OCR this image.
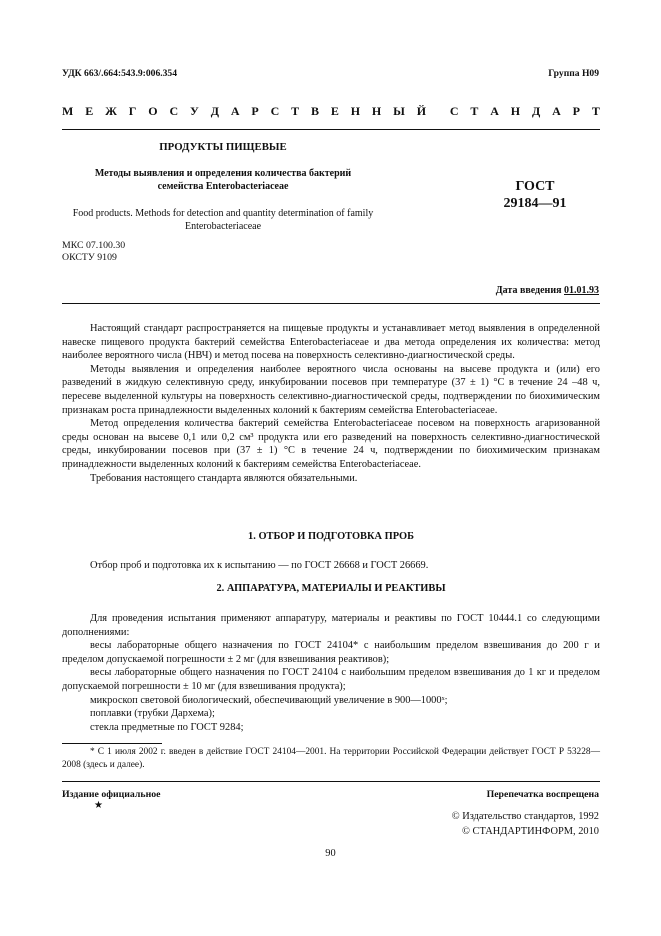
УДК 663/.664:543.9:006.354	Группа Н09
М Е Ж Г О С У Д А Р С Т В Е Н Н Ы Й С Т А Н Д А Р Т
ПРОДУКТЫ ПИЩЕВЫЕ
Методы выявления и определения количества бактерий
семейства Enterobacteriaceae
Food products. Methods for detection and quantity determination of family
Enterobacteriaceae
ГОСТ
29184—91
МКС 07.100.30
ОКСТУ 9109
Дата введения 01.01.93

Настоящий стандарт распространяется на пищевые продукты и устанавливает метод выявления в определенной навеске пищевого продукта бактерий семейства Enterobacteriaceae и два метода определения их количества: метод наиболее вероятного числа (НВЧ) и метод посева на поверхность селективно-диагностической среды.

Методы выявления и определения наиболее вероятного числа основаны на высеве продукта и (или) его разведений в жидкую селективную среду, инкубировании посевов при температуре (37 ± 1) °С в течение 24 –48 ч, пересеве выделенной культуры на поверхность селективно-диагностической среды, подтверждении по биохимическим признакам роста принадлежности выделенных колоний к бактериям семейства Enterobacteriaceae.

Метод определения количества бактерий семейства Enterobacteriaceae посевом на поверхность агаризованной среды основан на высеве 0,1 или 0,2 см³ продукта или его разведений на поверхность селективно-диагностической среды, инкубировании посевов при (37 ± 1) °С в течение 24 ч, подтверждении по биохимическим признакам принадлежности выделенных колоний к бактериям семейства Enterobacteriaceae.

Требования настоящего стандарта являются обязательными.

1. ОТБОР И ПОДГОТОВКА ПРОБ

Отбор проб и подготовка их к испытанию — по ГОСТ 26668 и ГОСТ 26669.

2. АППАРАТУРА, МАТЕРИАЛЫ И РЕАКТИВЫ

Для проведения испытания применяют аппаратуру, материалы и реактивы по ГОСТ 10444.1 со следующими дополнениями:

весы лабораторные общего назначения по ГОСТ 24104* с наибольшим пределом взвешивания до 200 г и пределом допускаемой погрешности ± 2 мг (для взвешивания реактивов);

весы лабораторные общего назначения по ГОСТ 24104 с наибольшим пределом взвешивания до 1 кг и пределом допускаемой погрешности ± 10 мг (для взвешивания продукта);

микроскоп световой биологический, обеспечивающий увеличение в 900—1000ˣ;

поплавки (трубки Дархема);

стекла предметные по ГОСТ 9284;

* С 1 июля 2002 г. введен в действие ГОСТ 24104—2001. На территории Российской Федерации действует ГОСТ Р 53228—2008 (здесь и далее).

Издание официальное
★
Перепечатка воспрещена
© Издательство стандартов, 1992
© СТАНДАРТИНФОРМ, 2010
90
